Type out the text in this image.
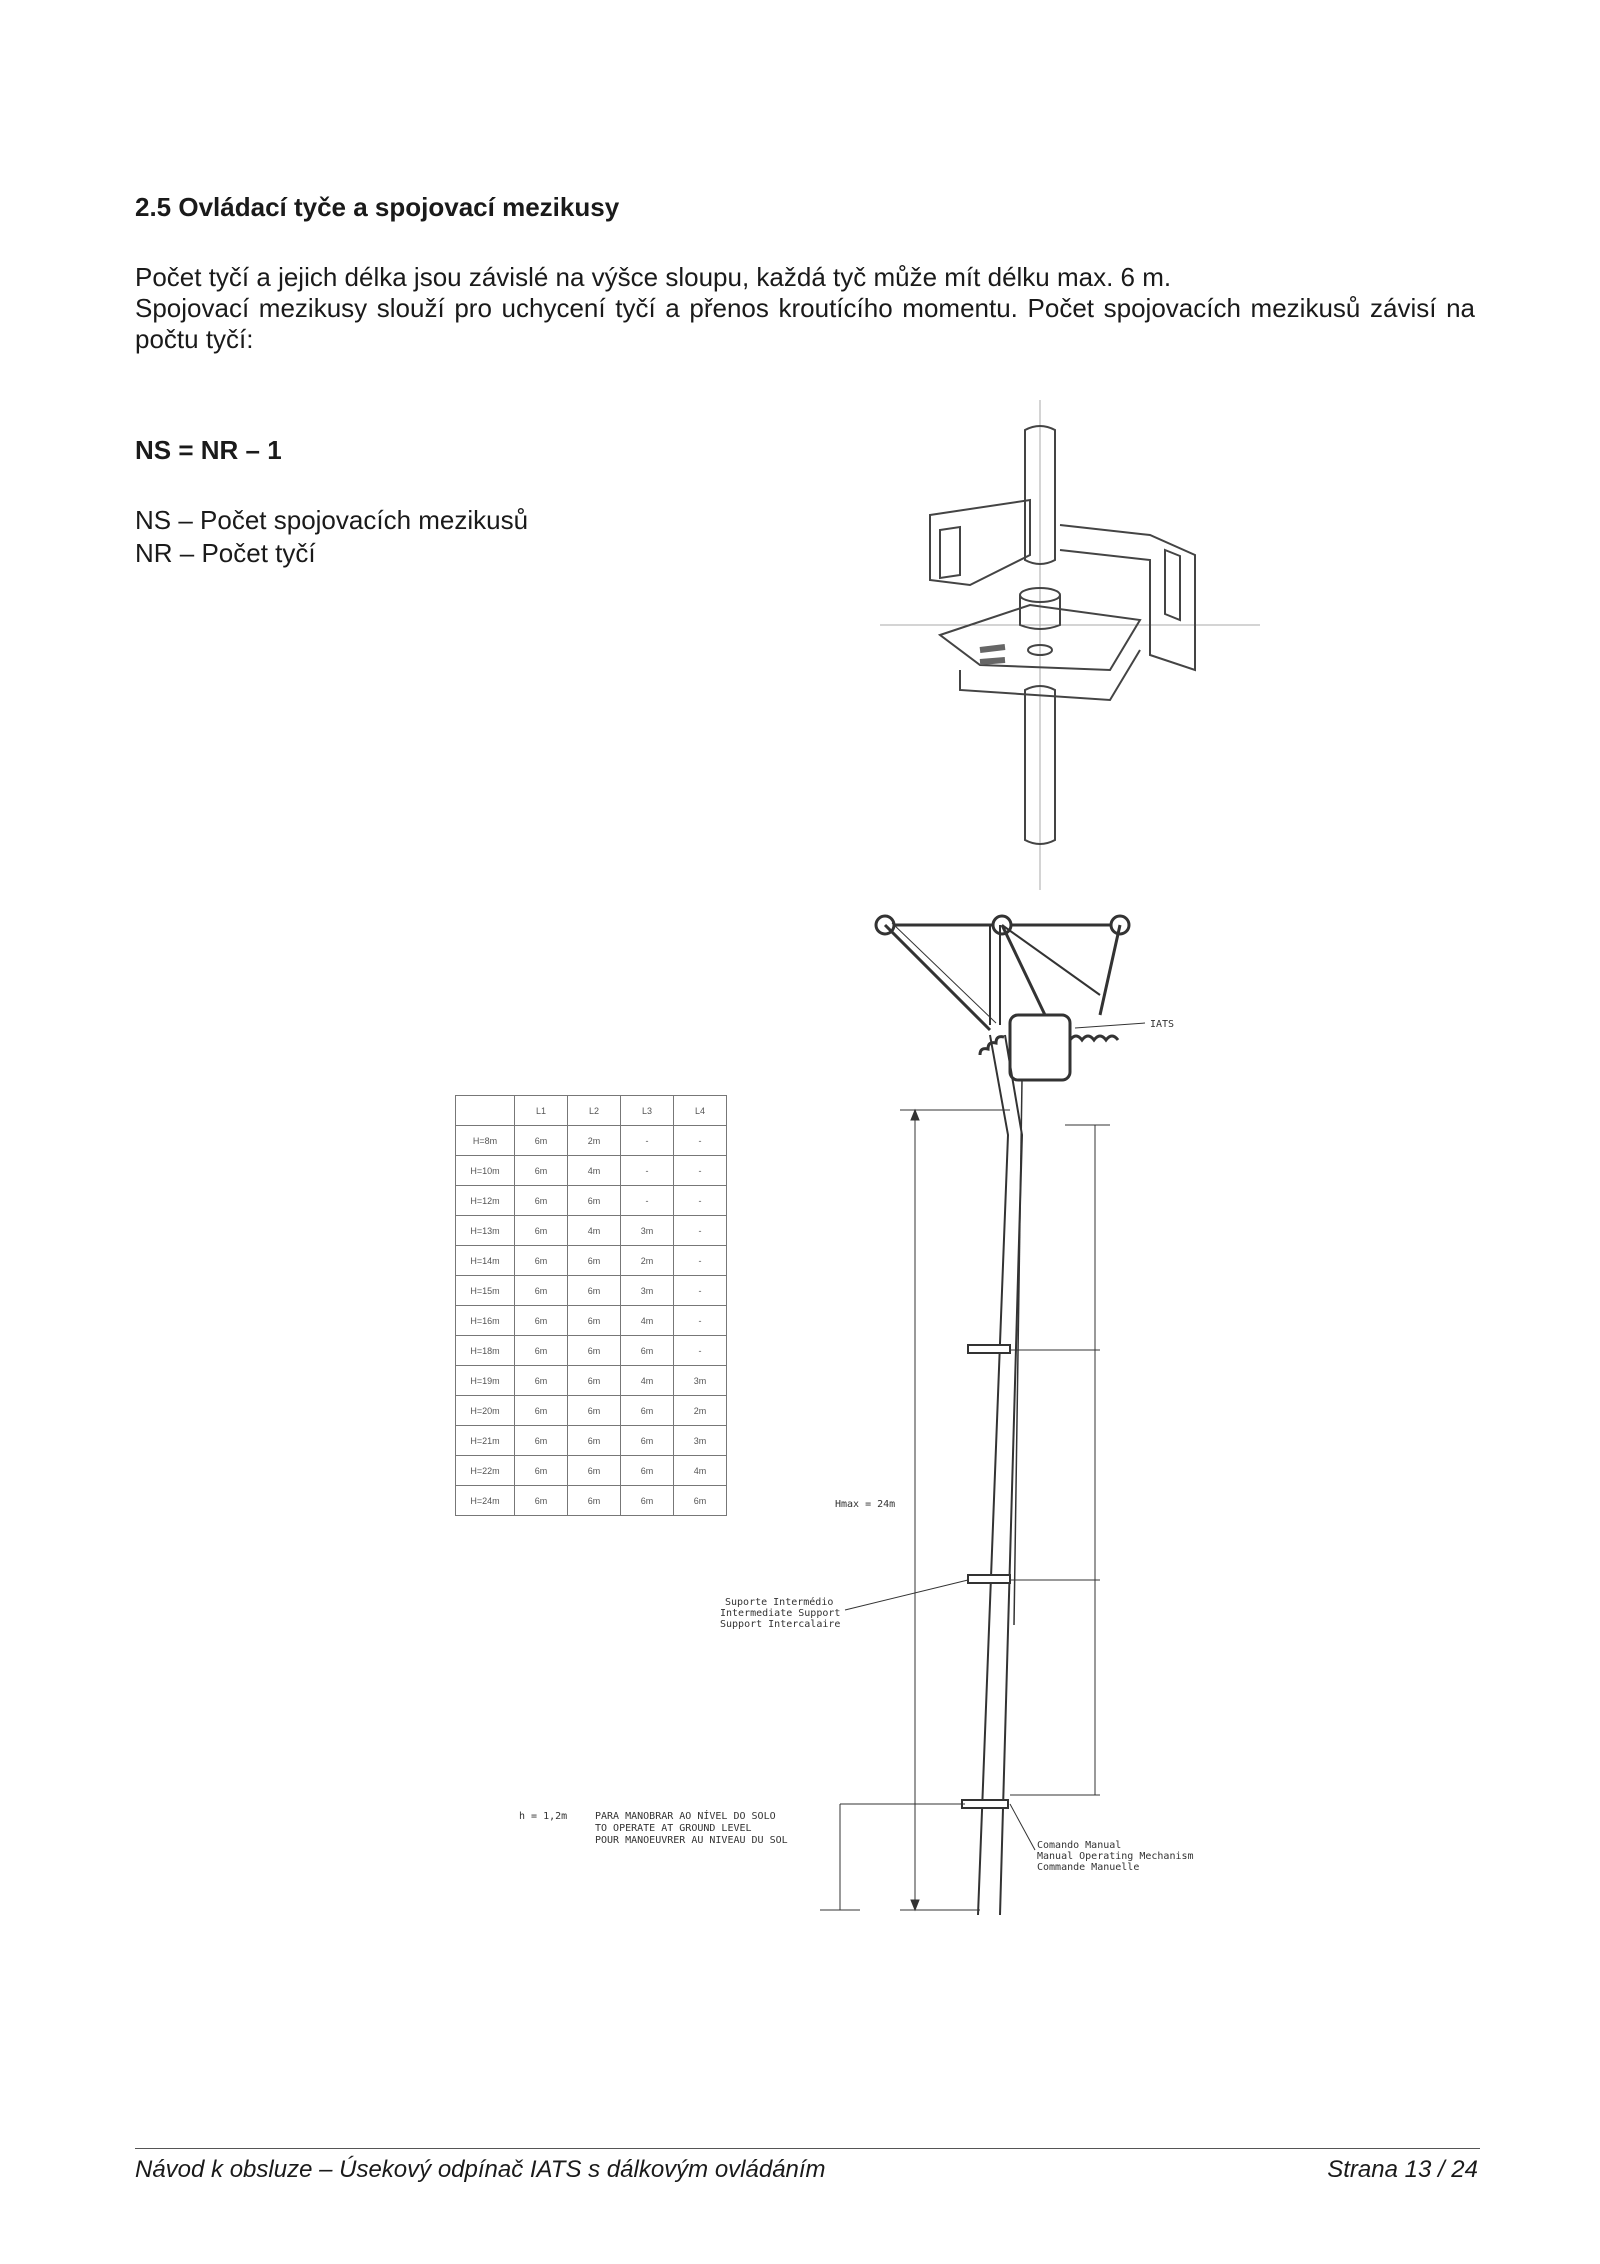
2.5 Ovládací tyče a spojovací mezikusy

Počet tyčí a jejich délka jsou závislé na výšce sloupu, každá tyč může mít délku max. 6 m.

Spojovací mezikusy slouží pro uchycení tyčí a přenos kroutícího momentu. Počet spojovacích mezikusů závisí na počtu tyčí:

NS = NR – 1
NS – Počet spojovacích mezikusů
NR – Počet tyčí
IATS
Hmax = 24m
Suporte Intermédio
Intermediate Support
Support Intercalaire
Comando Manual
Manual Operating Mechanism
Commande Manuelle
h = 1,2m	PARA MANOBRAR AO NÍVEL DO SOLO
TO OPERATE AT GROUND LEVEL
POUR MANOEUVRER AU NIVEAU DU SOL
	L1	L2	L3	L4
H=8m	6m	2m	-	-
H=10m	6m	4m	-	-
H=12m	6m	6m	-	-
H=13m	6m	4m	3m	-
H=14m	6m	6m	2m	-
H=15m	6m	6m	3m	-
H=16m	6m	6m	4m	-
H=18m	6m	6m	6m	-
H=19m	6m	6m	4m	3m
H=20m	6m	6m	6m	2m
H=21m	6m	6m	6m	3m
H=22m	6m	6m	6m	4m
H=24m	6m	6m	6m	6m
Návod k obsluze – Úsekový odpínač IATS s dálkovým ovládáním	Strana 13 / 24
